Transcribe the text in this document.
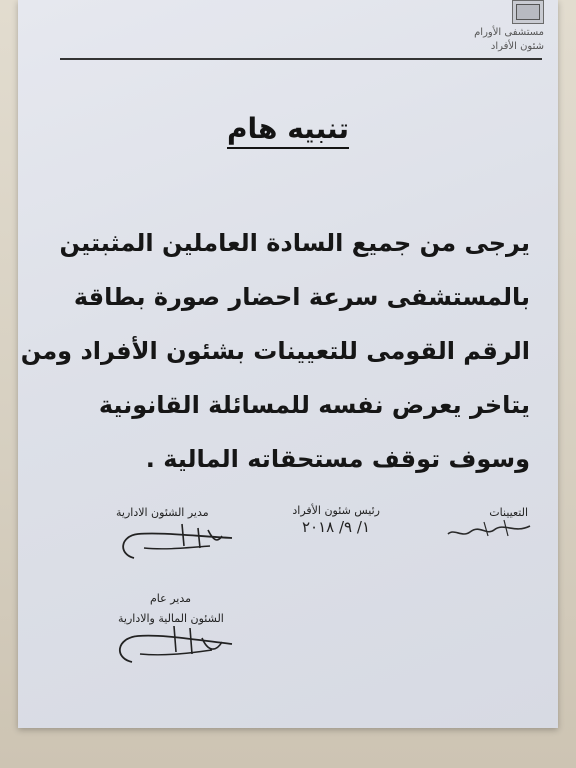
مستشفى الأورام
شئون الأفراد
تنبيه هام
يرجى من جميع السادة العاملين المثبتين
بالمستشفى سرعة احضار صورة بطاقة
الرقم القومى للتعيينات بشئون الأفراد ومن
يتاخر يعرض نفسه للمسائلة القانونية
وسوف توقف مستحقاته المالية .
التعيينات
رئيس شئون الأفراد
١/ ٩/ ٢٠١٨
مدير الشئون الادارية
مدير عام
الشئون المالية والادارية
